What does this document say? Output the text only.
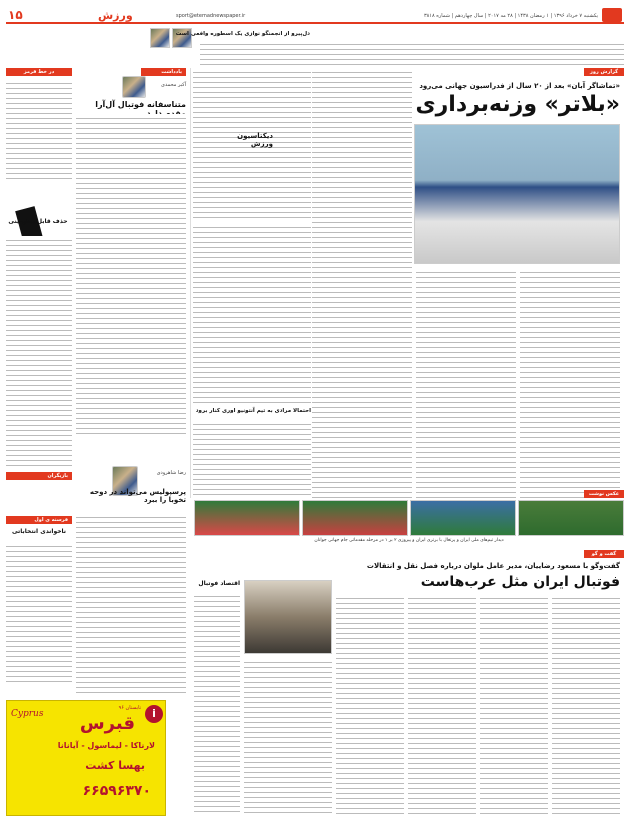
۱۵	ورزش	sport@etemadnewspaper.ir	یکشنبه ۷ خرداد ۱۳۹۶ | ۱ رمضان ۱۴۳۸ | ۲۸ مه ۲۰۱۷ | سال چهاردهم | شماره ۳۸۱۸
دل‌پیرو از انجمنگو نوازی یک اسطوره وافعی است
یادداشت
آکبر محمدی
متناسفانه فوتبال آل‌آرا
در خط قرمز
حذف قابل پیش‌بینی
بازیگران	رضا شاهرودی
پرسپولیس می‌تواند در دوحه تخوبا را ببرد
فرسته ی اول
ناخواندی انتخاباتی
Cyprus
تابستان ۹۶
قبرس
لارناکا - لیماسول - آیانانا
بهسا کشت
۶۶۵۹۶۳۷۰
i
دیکتاسیون ورزش
احتمالا مرادی به تیم آنتونیو اوری کنار برود
گزارش روز
«تماشاگر آبان» بعد از ۲۰ سال از فدراسیون جهانی می‌رود
«بلاتر» وزنه‌برداری
عکس نوشت
دیدار تیم‌های ملی ایران و پرتغال با برتری ایران و پیروزی ۲ بر ۱ در مرحله مقدماتی جام جهانی جوانان
گفت و گو
گفت‌وگو با مسعود رضاییان، مدیر عامل ملوان درباره فصل نقل و انتقالات
فوتبال ایران مثل عرب‌هاست
اقتصاد فوتبال
